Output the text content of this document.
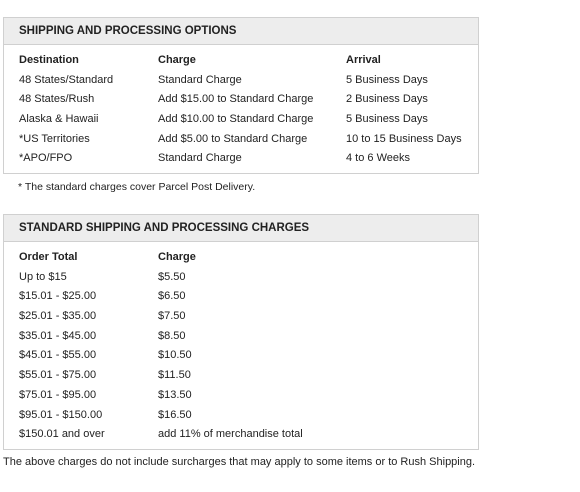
SHIPPING AND PROCESSING OPTIONS
Destination	Charge	Arrival
48 States/Standard	Standard Charge	5 Business Days
48 States/Rush	Add $15.00 to Standard Charge	2 Business Days
Alaska & Hawaii	Add $10.00 to Standard Charge	5 Business Days
*US Territories	Add $5.00 to Standard Charge	10 to 15 Business Days
*APO/FPO	Standard Charge	4 to 6 Weeks
* The standard charges cover Parcel Post Delivery.
STANDARD SHIPPING AND PROCESSING CHARGES
Order Total	Charge
Up to $15	$5.50
$15.01 - $25.00	$6.50
$25.01 - $35.00	$7.50
$35.01 - $45.00	$8.50
$45.01 - $55.00	$10.50
$55.01 - $75.00	$11.50
$75.01 - $95.00	$13.50
$95.01 - $150.00	$16.50
$150.01 and over	add 11% of merchandise total
The above charges do not include surcharges that may apply to some items or to Rush Shipping.
